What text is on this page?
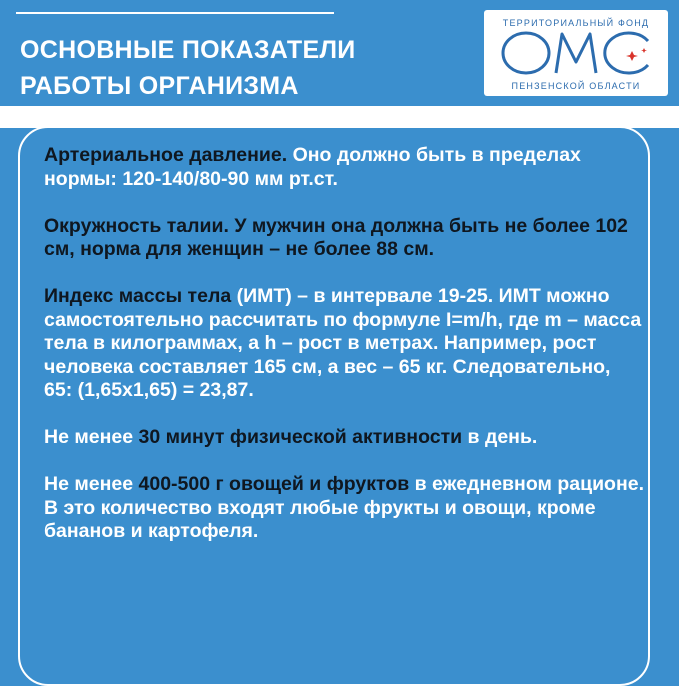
ОСНОВНЫЕ ПОКАЗАТЕЛИ
РАБОТЫ ОРГАНИЗМА
ТЕРРИТОРИАЛЬНЫЙ ФОНД
ПЕНЗЕНСКОЙ ОБЛАСТИ

Артериальное давление. Оно должно быть в пределах нормы: 120-140/80-90 мм рт.ст.

Окружность талии. У мужчин она должна быть не более 102 см, норма для женщин – не более 88 см.

Индекс массы тела (ИМТ) – в интервале 19-25. ИМТ можно самостоятельно рассчитать по формуле I=m/h, где m – масса тела в килограммах, а h – рост в метрах. Например, рост человека составляет 165 см, а вес – 65 кг. Следовательно, 65: (1,65х1,65) = 23,87.

Не менее 30 минут физической активности в день.

Не менее 400-500 г овощей и фруктов в ежедневном рационе. В это количество входят любые фрукты и овощи, кроме бананов и картофеля.
